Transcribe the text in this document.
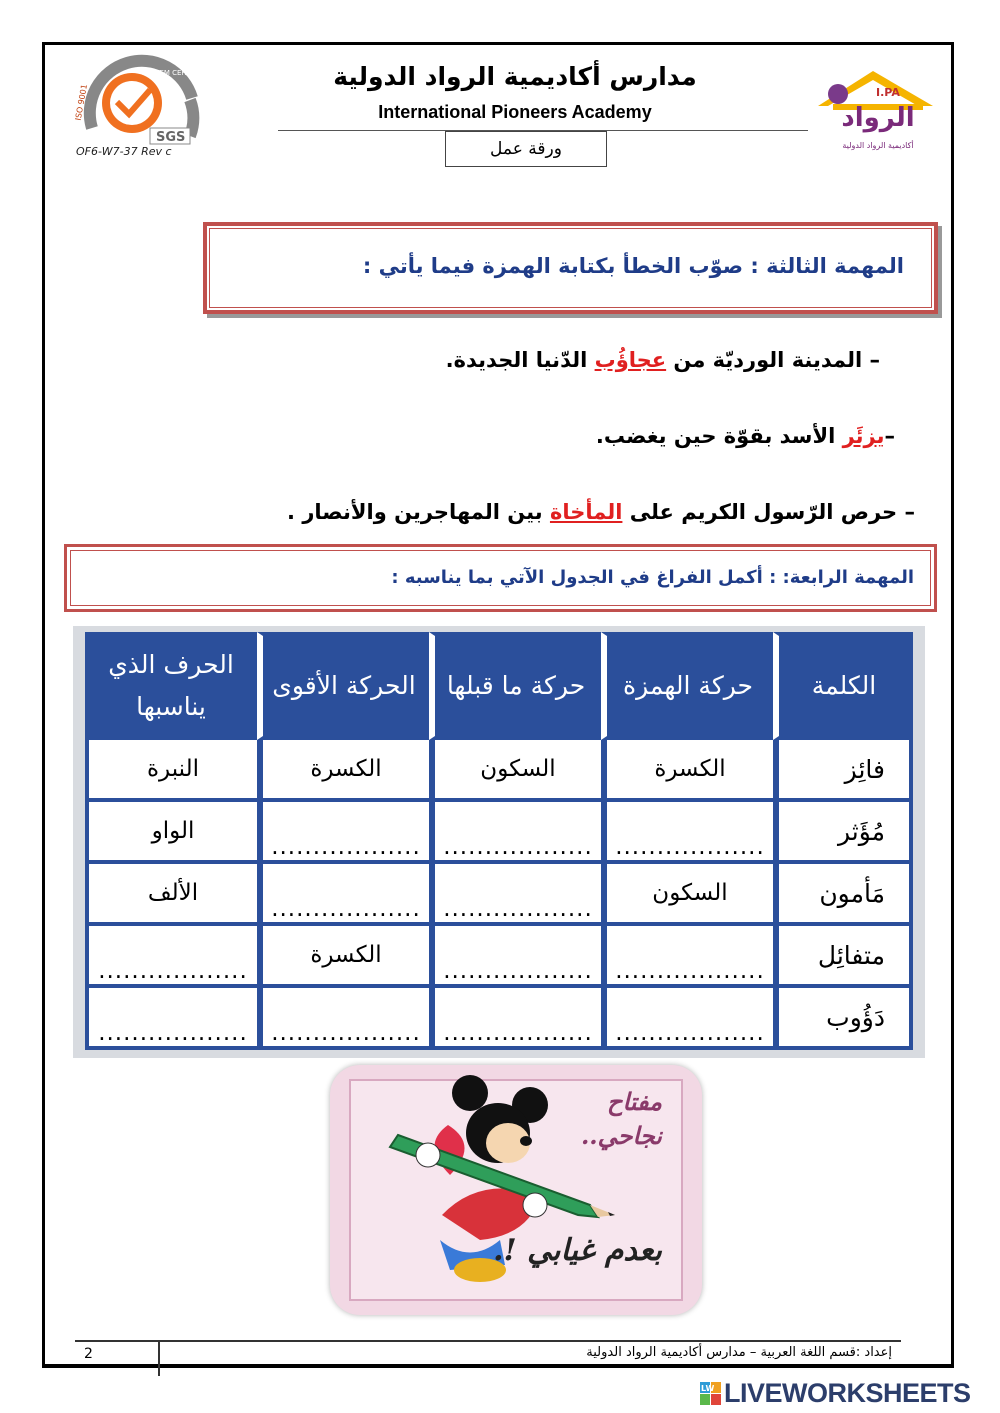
SYSTEM CERTIFICATION
ISO 9001
SGS
OF6-W7-37 Rev c
مدارس أكاديمية الرواد الدولية
International Pioneers Academy
ورقة عمل
I.PA
الرواد
أكاديمية الرواد الدولية
المهمة الثالثة : صوّب الخطأ بكتابة الهمزة فيما يأتي :
– المدينة الورديّة من عجاؤُب الدّنيا الجديدة.
–يزئَر الأسد بقوّة حين يغضب.
– حرص الرّسول الكريم على المأخاة بين المهاجرين والأنصار .
المهمة الرابعة: : أكمل الفراغ في الجدول الآتي بما يناسبه :
الكلمة	حركة الهمزة	حركة ما قبلها	الحركة الأقوى	الحرف الذي يناسبها
فائِز	الكسرة	السكون	الكسرة	النبرة
مُؤَثر	..................	..................	..................	الواو
مَأمون	السكون	..................	..................	الألف
متفائِل	..................	..................	الكسرة	..................
دَؤُوب	..................	..................	..................	..................
مفتاح
نجاحي..
بعدم غيابي !.
2	إعداد :قسم اللغة العربية – مدارس أكاديمية الرواد الدولية
LW LIVEWORKSHEETS
